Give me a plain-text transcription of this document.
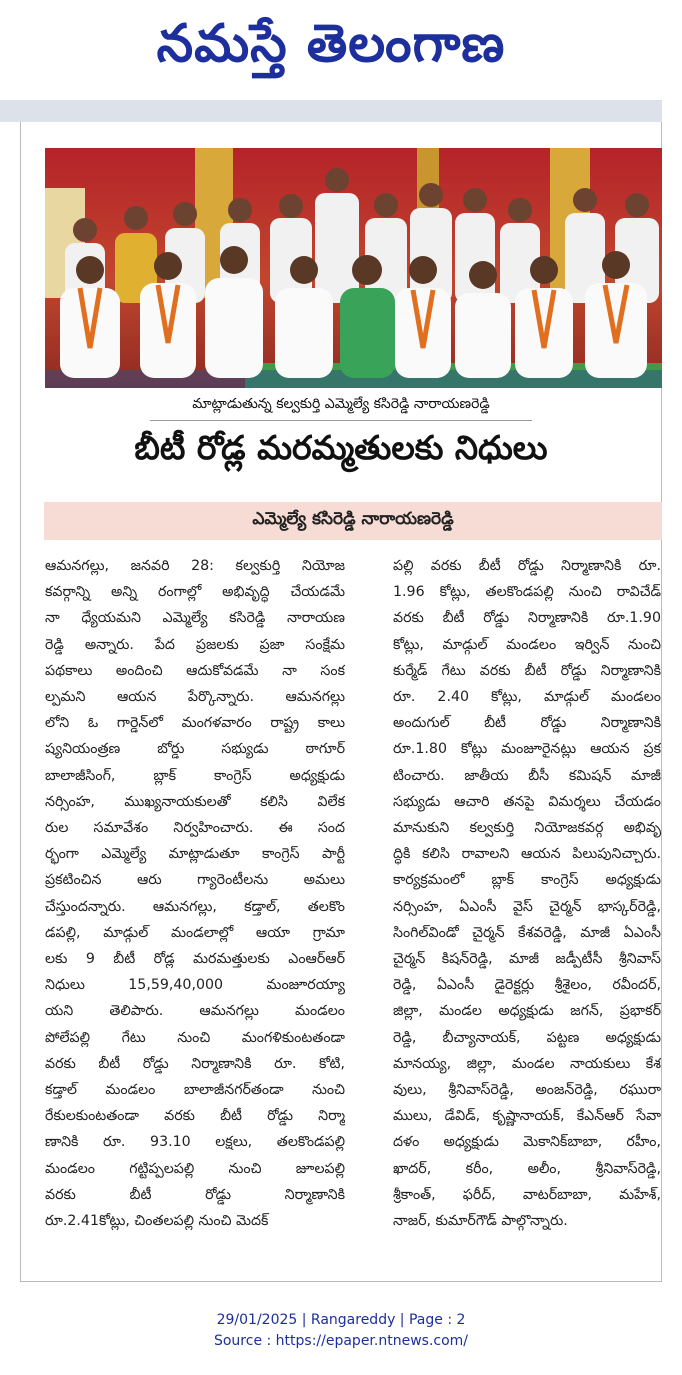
నమస్తే తెలంగాణ
మాట్లాడుతున్న కల్వకుర్తి ఎమ్మెల్యే కసిరెడ్డి నారాయణరెడ్డి
బీటీ రోడ్ల మరమ్మతులకు నిధులు
ఎమ్మెల్యే కసిరెడ్డి నారాయణరెడ్డి
ఆమనగల్లు, జనవరి 28: కల్వకుర్తి నియోజ
కవర్గాన్ని అన్ని రంగాల్లో అభివృద్ధి చేయడమే
నా ధ్యేయమని ఎమ్మెల్యే కసిరెడ్డి నారాయణ
రెడ్డి అన్నారు. పేద ప్రజలకు ప్రజా సంక్షేమ
పథకాలు అందించి ఆదుకోవడమే నా సంక
ల్పమని ఆయన పేర్కొన్నారు. ఆమనగల్లు
లోని ఓ గార్డెన్‌లో మంగళవారం రాష్ట్ర కాలు
ష్యనియంత్రణ బోర్డు సభ్యుడు ఠాగూర్
బాలాజీసింగ్, బ్లాక్ కాంగ్రెస్ అధ్యక్షుడు
నర్సింహ, ముఖ్యనాయకులతో కలిసి విలేక
రుల సమావేశం నిర్వహించారు. ఈ సంద
ర్భంగా ఎమ్మెల్యే మాట్లాడుతూ కాంగ్రెస్ పార్టీ
ప్రకటించిన ఆరు గ్యారెంటీలను అమలు
చేస్తుందన్నారు. ఆమనగల్లు, కడ్తాల్, తలకొం
డపల్లి, మాడ్గుల్ మండలాల్లో ఆయా గ్రామా
లకు 9 బీటీ రోడ్ల మరమత్తులకు ఎంఆర్‌ఆర్
నిధులు 15,59,40,000 మంజూరయ్యా
యని తెలిపారు. ఆమనగల్లు మండలం
పోలేపల్లి గేటు నుంచి మంగళికుంటతండా
వరకు బీటీ రోడ్డు నిర్మాణానికి రూ. కోటి,
కడ్తాల్ మండలం బాలాజీనగర్‌తండా నుంచి
రేకులకుంటతండా వరకు బీటీ రోడ్డు నిర్మా
ణానికి రూ. 93.10 లక్షలు, తలకొండపల్లి
మండలం గట్టిప్పలపల్లి నుంచి జూలపల్లి
వరకు బీటీ రోడ్డు నిర్మాణానికి
రూ.2.41కోట్లు, చింతలపల్లి నుంచి మెదక్
పల్లి వరకు బీటీ రోడ్డు నిర్మాణానికి రూ.
1.96 కోట్లు, తలకొండపల్లి నుంచి రావిచేడ్
వరకు బీటీ రోడ్డు నిర్మాణానికి రూ.1.90
కోట్లు, మాడ్గుల్ మండలం ఇర్విన్ నుంచి
కుర్మేడ్ గేటు వరకు బీటీ రోడ్డు నిర్మాణానికి
రూ. 2.40 కోట్లు, మాడ్గుల్ మండలం
అందుగుల్ బీటీ రోడ్డు నిర్మాణానికి
రూ.1.80 కోట్లు మంజూరైనట్లు ఆయన ప్రక
టించారు. జాతీయ బీసీ కమిషన్ మాజీ
సభ్యుడు ఆచారి తనపై విమర్శలు చేయడం
మానుకుని కల్వకుర్తి నియోజకవర్గ అభివృ
ద్ధికి కలిసి రావాలని ఆయన పిలుపునిచ్చారు.
కార్యక్రమంలో బ్లాక్ కాంగ్రెస్ అధ్యక్షుడు
నర్సింహ, ఏఎంసీ వైస్ చైర్మన్ భాస్కర్‌రెడ్డి,
సింగిల్‌విండో చైర్మన్ కేశవరెడ్డి, మాజీ ఏఎంసీ
చైర్మన్ కిషన్‌రెడ్డి, మాజీ జడ్పీటీసీ శ్రీనివాస్
రెడ్డి, ఏఎంసీ డైరెక్టర్లు శ్రీశైలం, రవీందర్,
జిల్లా, మండల అధ్యక్షుడు జగన్, ప్రభాకర్
రెడ్డి, బీచ్యానాయక్, పట్టణ అధ్యక్షుడు
మానయ్య, జిల్లా, మండల నాయకులు కేశ
వులు, శ్రీనివాస్‌రెడ్డి, అంజన్‌రెడ్డి, రఘురా
ములు, డేవిడ్, కృష్ణానాయక్, కేఎన్‌ఆర్ సేవా
దళం అధ్యక్షుడు మెకానిక్‌బాబా, రహీం,
ఖాదర్, కరీం, అలీం, శ్రీనివాస్‌రెడ్డి,
శ్రీకాంత్, ఫరీద్, వాటర్‌బాబా, మహేశ్,
నాజర్, కుమార్‌గౌడ్ పాల్గొన్నారు.
29/01/2025 | Rangareddy | Page : 2
Source : https://epaper.ntnews.com/
